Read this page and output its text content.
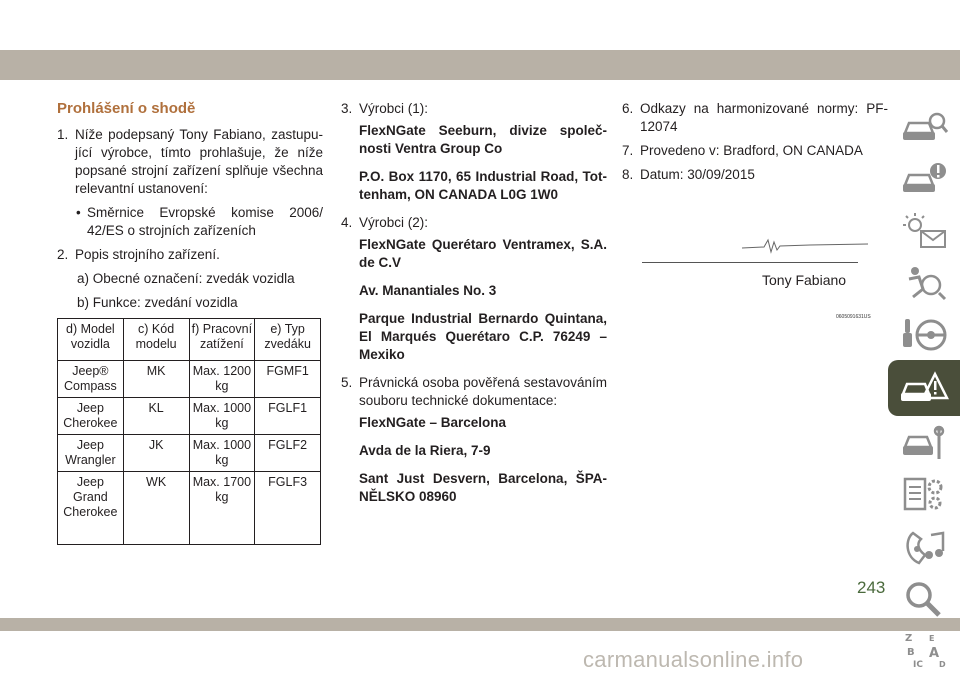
Prohlášení o shodě
1. Níže podepsaný Tony Fabiano, zastupující výrobce, tímto prohlašuje, že níže popsané strojní zařízení splňuje všechna relevantní ustanovení:
• Směrnice Evropské komise 2006/ 42/ES o strojních zařízeních
2. Popis strojního zařízení.
a) Obecné označení: zvedák vozidla
b) Funkce: zvedání vozidla
d) Model vozidla	c) Kód modelu	f) Pracovní zatížení	e) Typ zvedáku
Jeep® Compass	MK	Max. 1200 kg	FGMF1
Jeep Cherokee	KL	Max. 1000 kg	FGLF1
Jeep Wrangler	JK	Max. 1000 kg	FGLF2
Jeep Grand Cherokee	WK	Max. 1700 kg	FGLF3
3. Výrobci (1):
FlexNGate Seeburn, divize společnosti Ventra Group Co
P.O. Box 1170, 65 Industrial Road, Tottenham, ON CANADA L0G 1W0
4. Výrobci (2):
FlexNGate Querétaro Ventramex, S.A. de C.V
Av. Manantiales No. 3
Parque Industrial Bernardo Quintana, El Marqués Querétaro C.P. 76249 – Mexiko
5. Právnická osoba pověřená sestavováním souboru technické dokumentace:
FlexNGate – Barcelona
Avda de la Riera, 7-9
Sant Just Desvern, Barcelona, ŠPANĚLSKO 08960
6. Odkazy na harmonizované normy: PF-12074
7. Provedeno v: Bradford, ON CANADA
8. Datum: 30/09/2015
Tony Fabiano
0605091631US
Z E
B A
IC D
243
carmanualsonline.info
